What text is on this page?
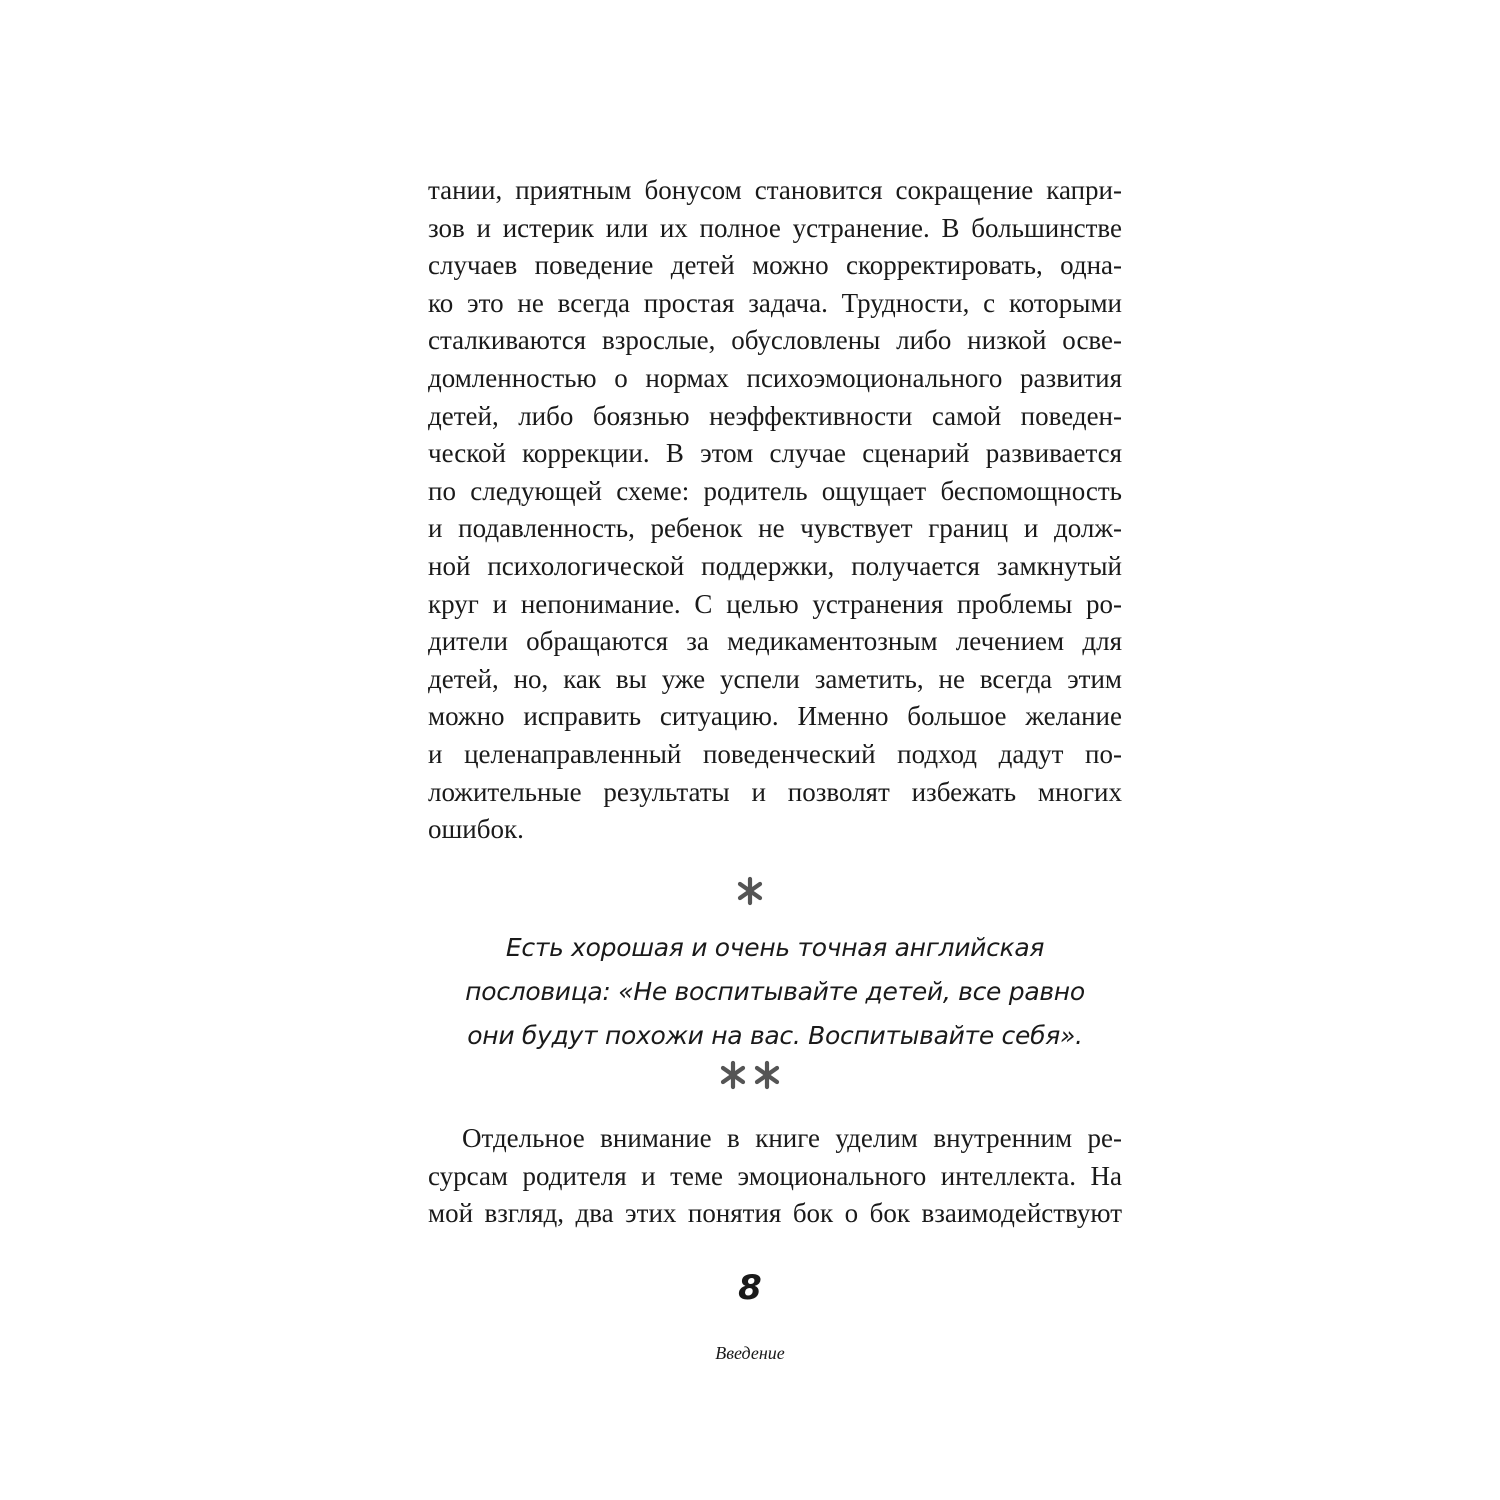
тании, приятным бонусом становится сокращение капри-
зов и истерик или их полное устранение. В большинстве
случаев поведение детей можно скорректировать, одна-
ко это не всегда простая задача. Трудности, с которыми
сталкиваются взрослые, обусловлены либо низкой осве-
домленностью о нормах психоэмоционального развития
детей, либо боязнью неэффективности самой поведен-
ческой коррекции. В этом случае сценарий развивается
по следующей схеме: родитель ощущает беспомощность
и подавленность, ребенок не чувствует границ и долж-
ной психологической поддержки, получается замкнутый
круг и непонимание. С целью устранения проблемы ро-
дители обращаются за медикаментозным лечением для
детей, но, как вы уже успели заметить, не всегда этим
можно исправить ситуацию. Именно большое желание
и целенаправленный поведенческий подход дадут по-
ложительные результаты и позволят избежать многих
ошибок.
Есть хорошая и очень точная английская
пословица: «Не воспитывайте детей, все равно
они будут похожи на вас. Воспитывайте себя».
Отдельное внимание в книге уделим внутренним ре-
сурсам родителя и теме эмоционального интеллекта. На
мой взгляд, два этих понятия бок о бок взаимодействуют
8
Введение
